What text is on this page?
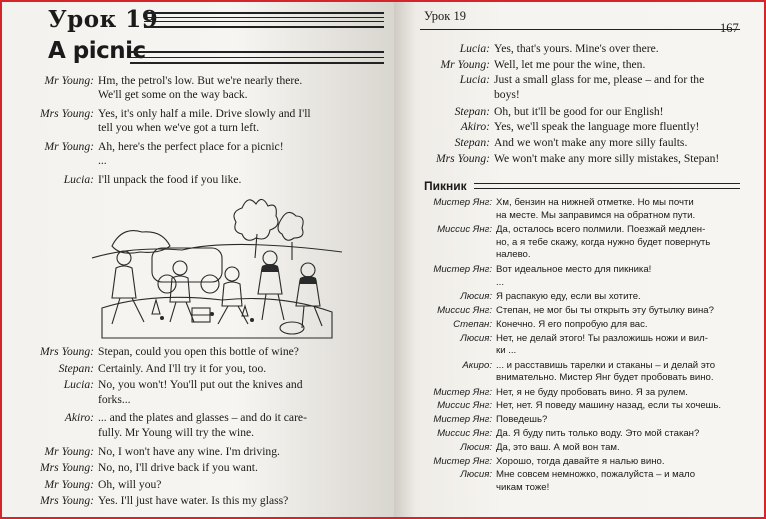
Урок 19
A picnic
Mr Young: Hm, the petrol's low. But we're nearly there.
We'll get some on the way back.
Mrs Young: Yes, it's only half a mile. Drive slowly and I'll
tell you when we've got a turn left.
Mr Young: Ah, here's the perfect place for a picnic!
...
Lucia: I'll unpack the food if you like.
Mrs Young: Stepan, could you open this bottle of wine?
Stepan: Certainly. And I'll try it for you, too.
Lucia: No, you won't! You'll put out the knives and
forks...
Akiro: ... and the plates and glasses – and do it care-
fully. Mr Young will try the wine.
Mr Young: No, I won't have any wine. I'm driving.
Mrs Young: No, no, I'll drive back if you want.
Mr Young: Oh, will you?
Mrs Young: Yes. I'll just have water. Is this my glass?
Урок 19
167
Lucia: Yes, that's yours. Mine's over there.
Mr Young: Well, let me pour the wine, then.
Lucia: Just a small glass for me, please – and for the
boys!
Stepan: Oh, but it'll be good for our English!
Akiro: Yes, we'll speak the language more fluently!
Stepan: And we won't make any more silly faults.
Mrs Young: We won't make any more silly mistakes, Stepan!
Пикник
Мистер Янг: Хм, бензин на нижней отметке. Но мы почти
на месте. Мы заправимся на обратном пути.
Миссис Янг: Да, осталось всего полмили. Поезжай медлен-
но, а я тебе скажу, когда нужно будет повернуть
налево.
Мистер Янг: Вот идеальное место для пикника!
...
Люсия: Я распакую еду, если вы хотите.
Миссис Янг: Степан, не мог бы ты открыть эту бутылку вина?
Степан: Конечно. Я его попробую для вас.
Люсия: Нет, не делай этого! Ты разложишь ножи и вил-
ки ...
Акиро: ... и расставишь тарелки и стаканы – и делай это
внимательно. Мистер Янг будет пробовать вино.
Мистер Янг: Нет, я не буду пробовать вино. Я за рулем.
Миссис Янг: Нет, нет. Я поведу машину назад, если ты хочешь.
Мистер Янг: Поведешь?
Миссис Янг: Да. Я буду пить только воду. Это мой стакан?
Люсия: Да, это ваш. А мой вон там.
Мистер Янг: Хорошо, тогда давайте я налью вино.
Люсия: Мне совсем немножко, пожалуйста – и мало
чикам тоже!
